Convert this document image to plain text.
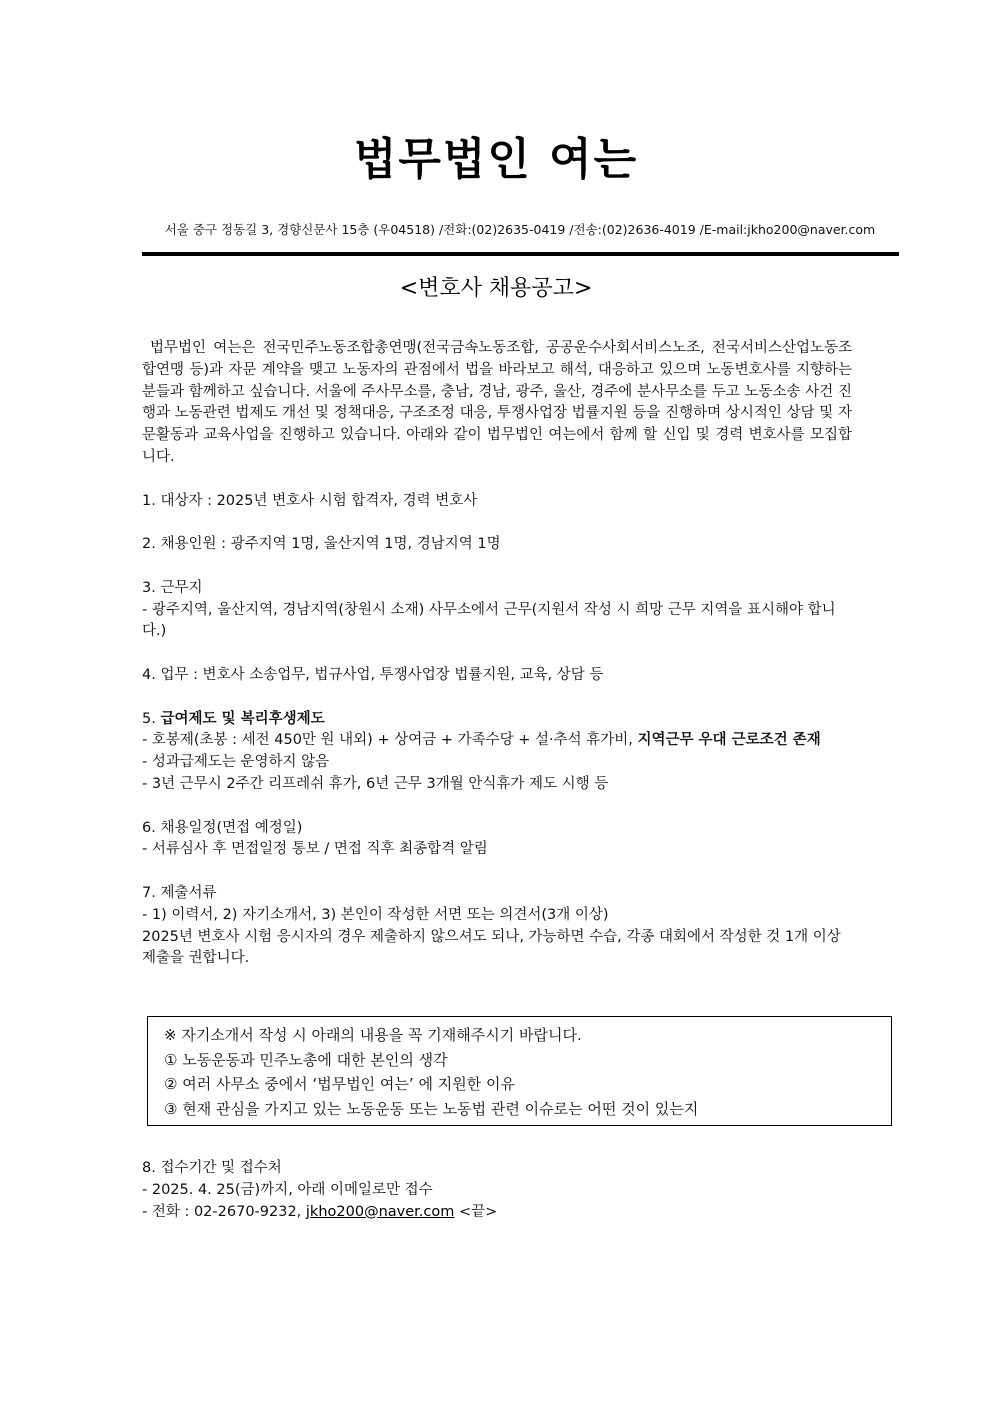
법무법인 여는
서울 중구 정동길 3, 경향신문사 15층 (우04518) /전화:(02)2635-0419 /전송:(02)2636-4019 /E-mail:jkho200@naver.com
<변호사 채용공고>

법무법인 여는은 전국민주노동조합총연맹(전국금속노동조합, 공공운수사회서비스노조, 전국서비스산업노동조합연맹 등)과 자문 계약을 맺고 노동자의 관점에서 법을 바라보고 해석, 대응하고 있으며 노동변호사를 지향하는 분들과 함께하고 싶습니다. 서울에 주사무소를, 충남, 경남, 광주, 울산, 경주에 분사무소를 두고 노동소송 사건 진행과 노동관련 법제도 개선 및 정책대응, 구조조정 대응, 투쟁사업장 법률지원 등을 진행하며 상시적인 상담 및 자문활동과 교육사업을 진행하고 있습니다. 아래와 같이 법무법인 여는에서 함께 할 신입 및 경력 변호사를 모집합니다.

1. 대상자 : 2025년 변호사 시험 합격자, 경력 변호사
2. 채용인원 : 광주지역 1명, 울산지역 1명, 경남지역 1명
3. 근무지
- 광주지역, 울산지역, 경남지역(창원시 소재) 사무소에서 근무(지원서 작성 시 희망 근무 지역을 표시해야 합니다.)
4. 업무 : 변호사 소송업무, 법규사업, 투쟁사업장 법률지원, 교육, 상담 등
5. 급여제도 및 복리후생제도
- 호봉제(초봉 : 세전 450만 원 내외) + 상여금 + 가족수당 + 설·추석 휴가비, 지역근무 우대 근로조건 존재
- 성과급제도는 운영하지 않음
- 3년 근무시 2주간 리프레쉬 휴가, 6년 근무 3개월 안식휴가 제도 시행 등
6. 채용일정(면접 예정일)
- 서류심사 후 면접일정 통보 / 면접 직후 최종합격 알림
7. 제출서류
- 1) 이력서, 2) 자기소개서, 3) 본인이 작성한 서면 또는 의견서(3개 이상)
2025년 변호사 시험 응시자의 경우 제출하지 않으셔도 되나, 가능하면 수습, 각종 대회에서 작성한 것 1개 이상 제출을 권합니다.
※ 자기소개서 작성 시 아래의 내용을 꼭 기재해주시기 바랍니다.
① 노동운동과 민주노총에 대한 본인의 생각
② 여러 사무소 중에서 ‘법무법인 여는’ 에 지원한 이유
③ 현재 관심을 가지고 있는 노동운동 또는 노동법 관련 이슈로는 어떤 것이 있는지
8. 접수기간 및 접수처
- 2025. 4. 25(금)까지, 아래 이메일로만 접수
- 전화 : 02-2670-9232, jkho200@naver.com <끝>
